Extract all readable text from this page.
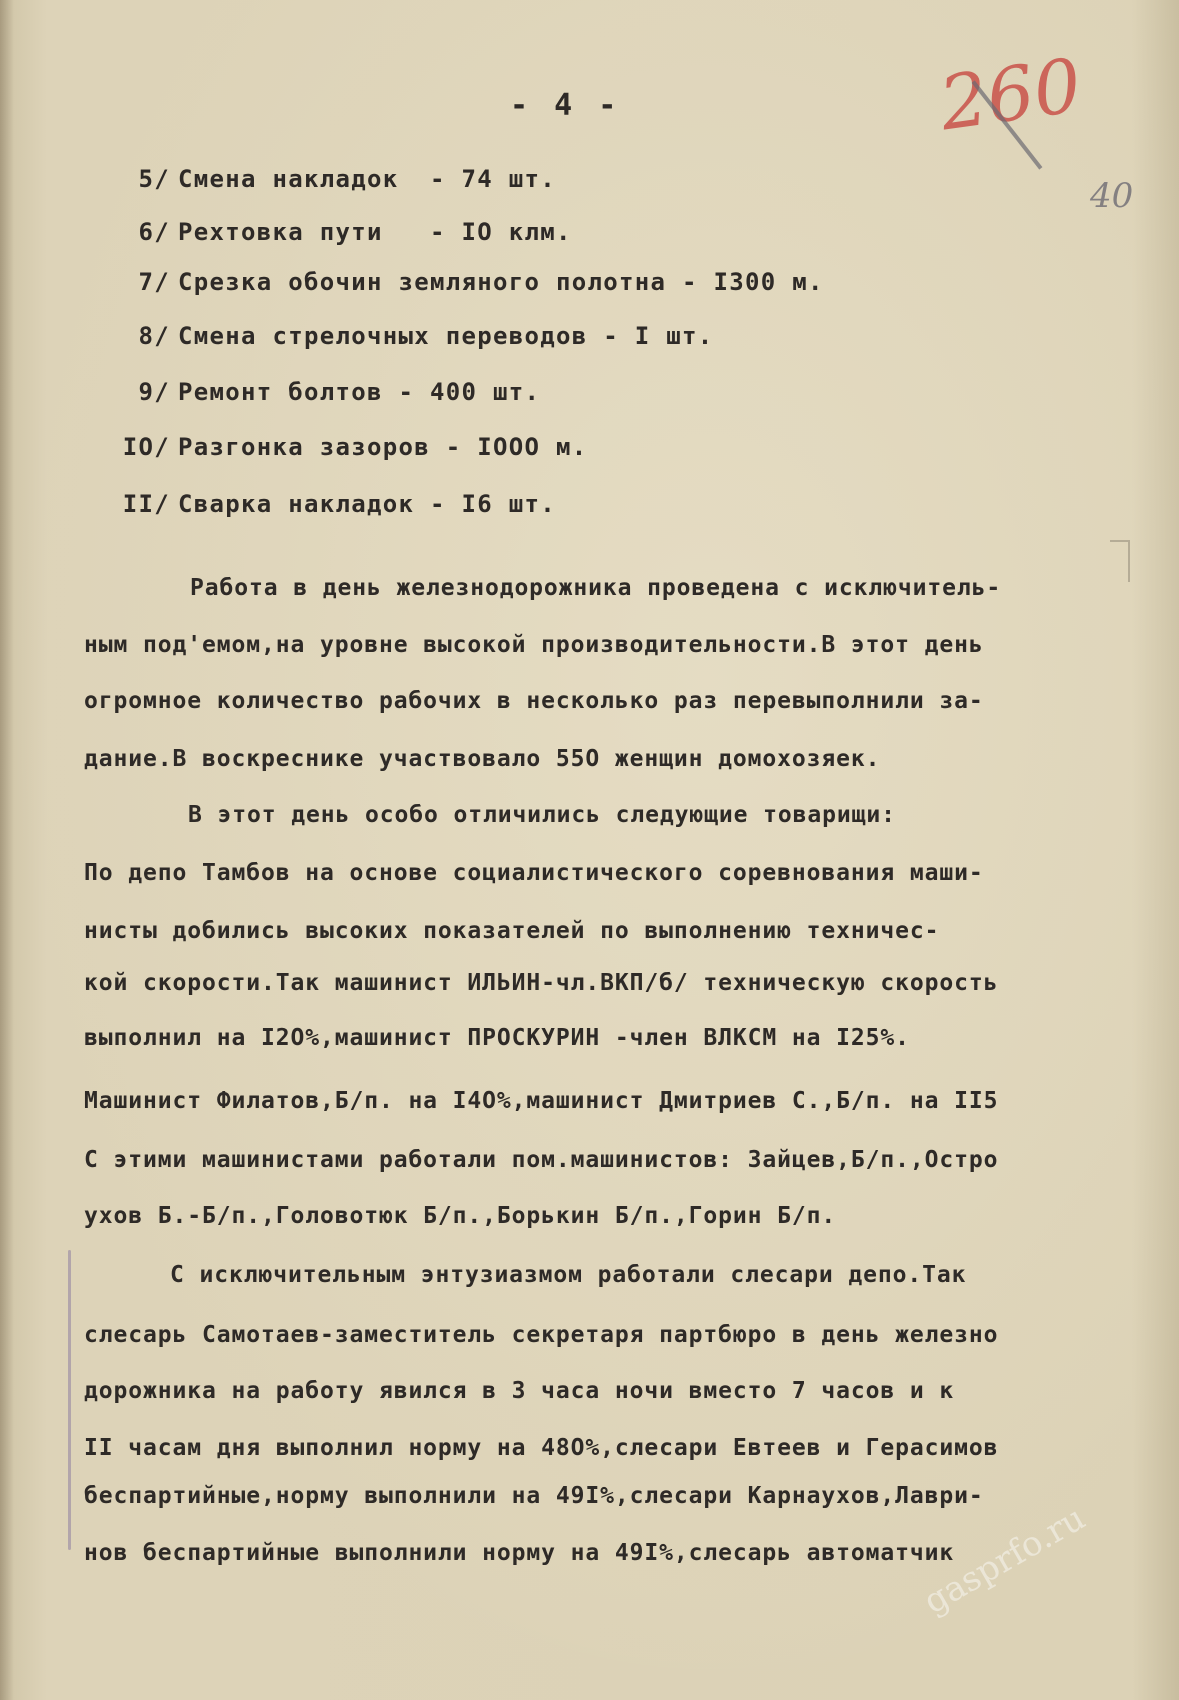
- 4 -	260
40
5/ Смена накладок  - 74 шт.
6/ Рехтовка пути   - IО клм.
7/ Срезка обочин земляного полотна - I300 м.
8/ Смена стрелочных переводов - I шт.
9/ Ремонт болтов - 400 шт.
IО/ Разгонка зазоров - IООО м.
II/ Сварка накладок - I6 шт.
Работа в день железнодорожника проведена с исключитель-
ным под'емом,на уровне высокой производительности.В этот день
огромное количество рабочих в несколько раз перевыполнили за-
дание.В воскреснике участвовало 55О женщин домохозяек.
В этот день особо отличились следующие товарищи:
По депо Тамбов на основе социалистического соревнования маши-
нисты добились высоких показателей по выполнению техничес-
кой скорости.Так машинист ИЛЬИН-чл.ВКП/б/ техническую скорость
выполнил на I2О%,машинист ПРОСКУРИН -член ВЛКСМ на I25%.
Машинист Филатов,Б/п. на I4О%,машинист Дмитриев С.,Б/п. на II5
С этими машинистами работали пом.машинистов: Зайцев,Б/п.,Остро
ухов Б.-Б/п.,Головотюк Б/п.,Борькин Б/п.,Горин Б/п.
С исключительным энтузиазмом работали слесари депо.Так
слесарь Самотаев-заместитель секретаря партбюро в день железно
дорожника на работу явился в 3 часа ночи вместо 7 часов и к
II часам дня выполнил норму на 48О%,слесари Евтеев и Герасимов
беспартийные,норму выполнили на 49I%,слесари Карнаухов,Лаври-
нов беспартийные выполнили норму на 49I%,слесарь автоматчик
gasprfo.ru
